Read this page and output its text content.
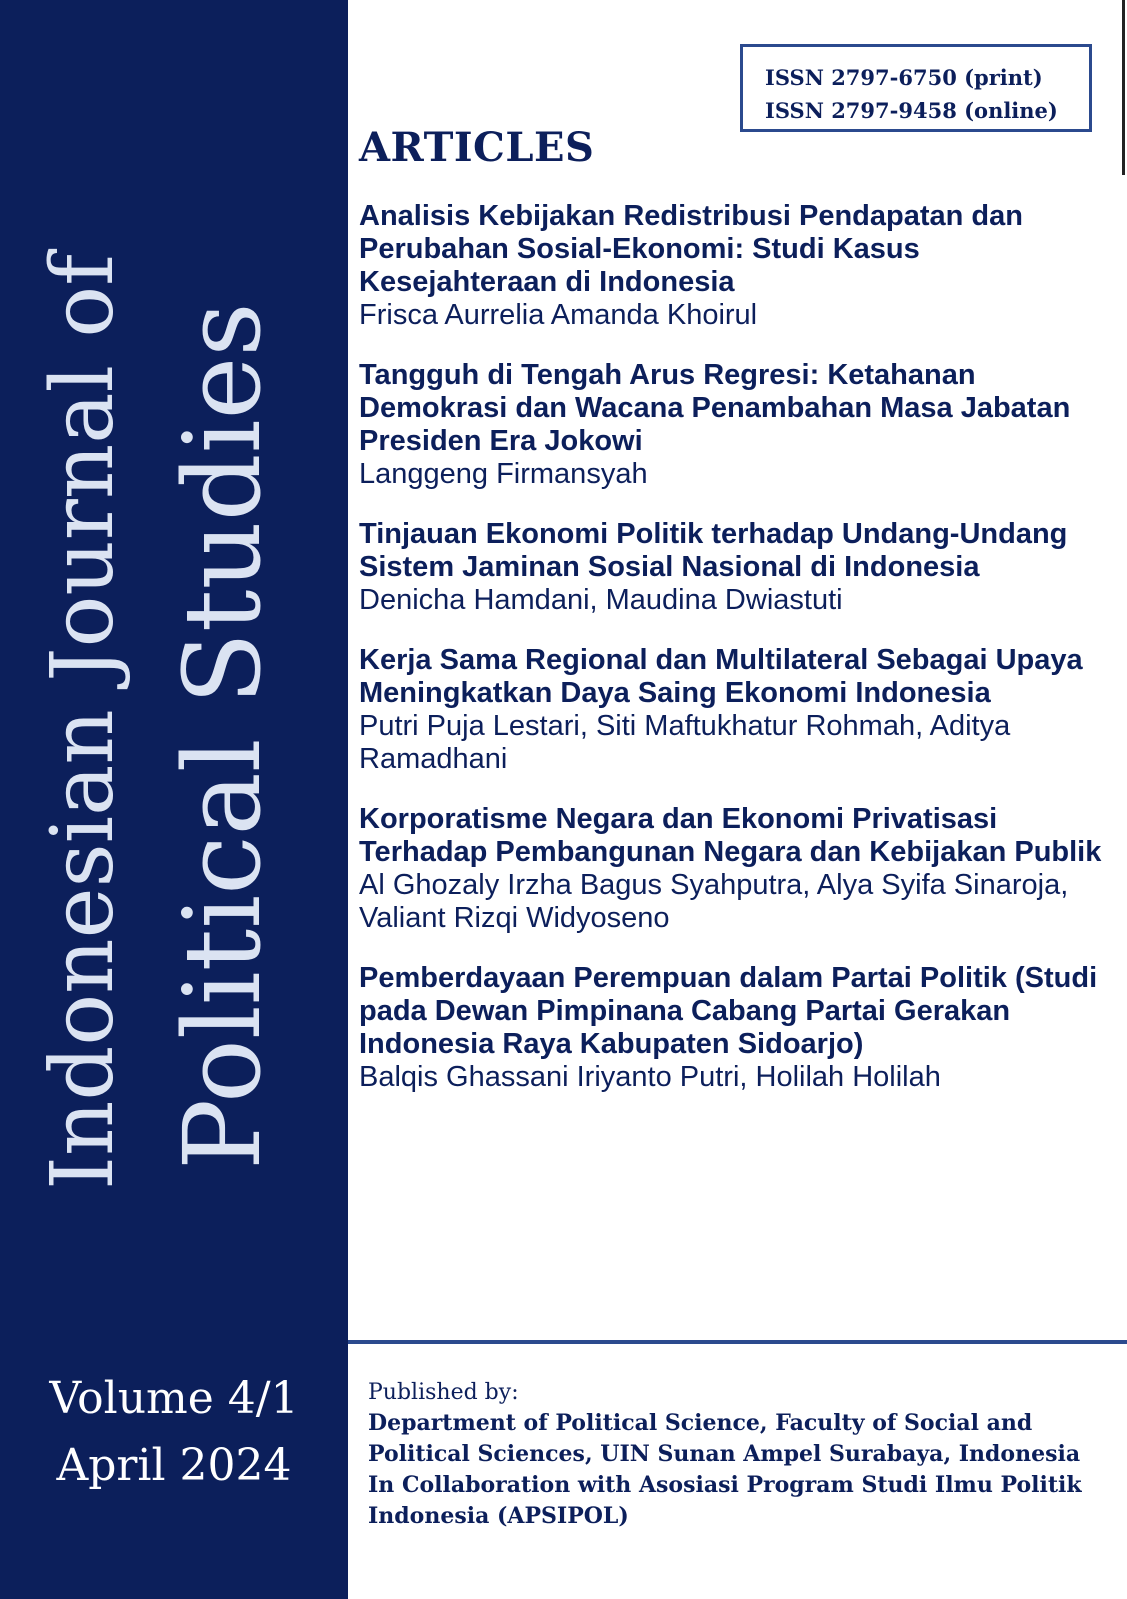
Indonesian Journal of Political Studies
Volume 4/1
April 2024
ISSN 2797-6750 (print)
ISSN 2797-9458 (online)
ARTICLES
Analisis Kebijakan Redistribusi Pendapatan dan Perubahan Sosial-Ekonomi: Studi Kasus Kesejahteraan di Indonesia
Frisca Aurrelia Amanda Khoirul
Tangguh di Tengah Arus Regresi: Ketahanan Demokrasi dan Wacana Penambahan Masa Jabatan Presiden Era Jokowi
Langgeng Firmansyah
Tinjauan Ekonomi Politik terhadap Undang-Undang Sistem Jaminan Sosial Nasional di Indonesia
Denicha Hamdani, Maudina Dwiastuti
Kerja Sama Regional dan Multilateral Sebagai Upaya Meningkatkan Daya Saing Ekonomi Indonesia
Putri Puja Lestari, Siti Maftukhatur Rohmah, Aditya Ramadhani
Korporatisme Negara dan Ekonomi Privatisasi Terhadap Pembangunan Negara dan Kebijakan Publik
Al Ghozaly Irzha Bagus Syahputra, Alya Syifa Sinaroja, Valiant Rizqi Widyoseno
Pemberdayaan Perempuan dalam Partai Politik (Studi pada Dewan Pimpinana Cabang Partai Gerakan Indonesia Raya Kabupaten Sidoarjo)
Balqis Ghassani Iriyanto Putri, Holilah Holilah
Published by:
Department of Political Science, Faculty of Social and Political Sciences, UIN Sunan Ampel Surabaya, Indonesia In Collaboration with Asosiasi Program Studi Ilmu Politik Indonesia (APSIPOL)
